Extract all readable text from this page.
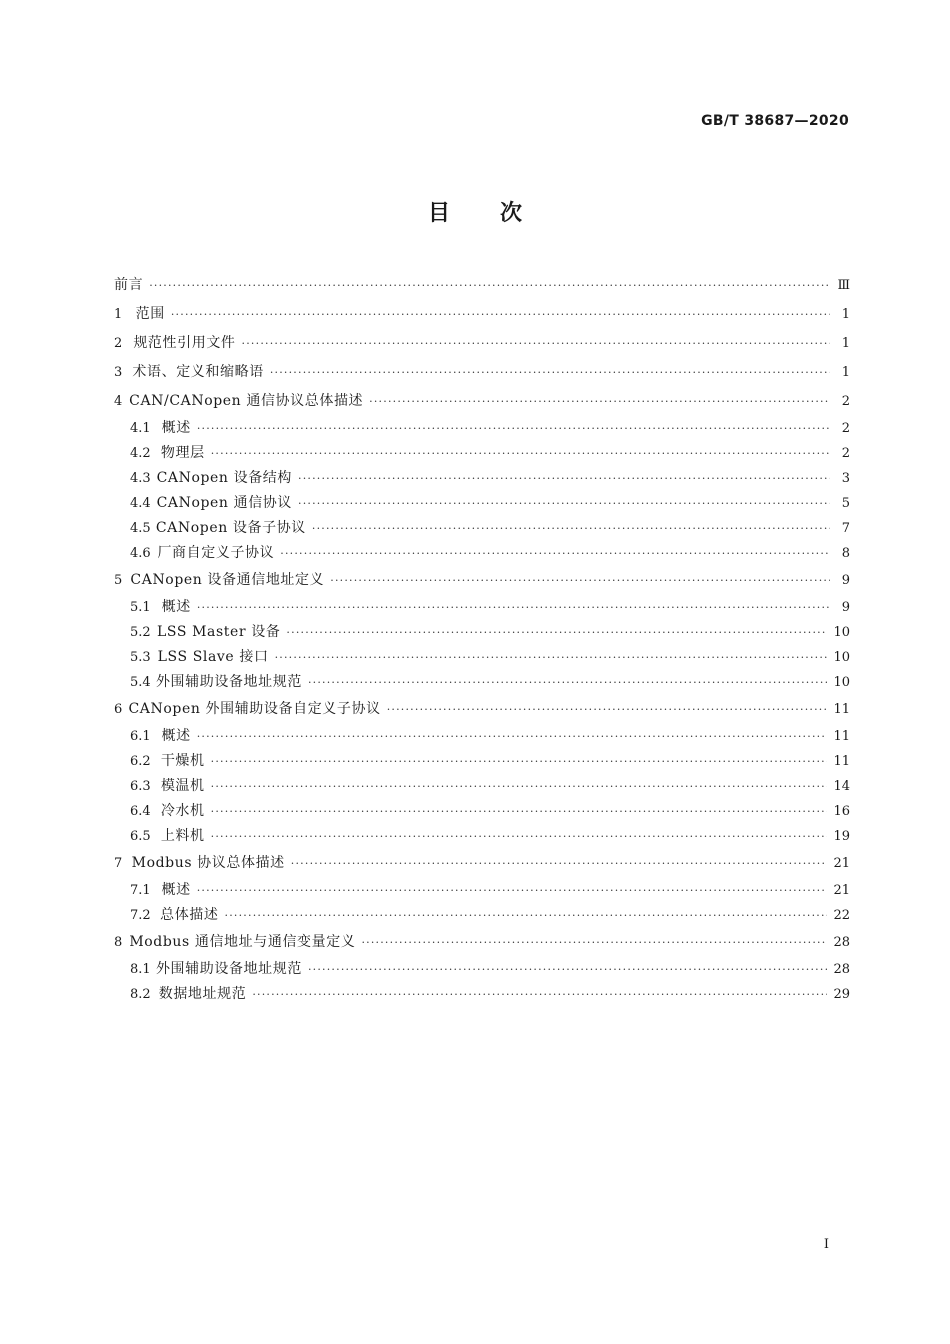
GB/T 38687—2020
目次
前言 ·····	Ⅲ
1 范围 ·····	1
2 规范性引用文件 ·····	1
3 术语、定义和缩略语 ·····	1
4 CAN/CANopen 通信协议总体描述 ·····	2
4.1 概述 ·····	2
4.2 物理层 ·····	2
4.3 CANopen 设备结构 ·····	3
4.4 CANopen 通信协议 ·····	5
4.5 CANopen 设备子协议 ·····	7
4.6 厂商自定义子协议 ·····	8
5 CANopen 设备通信地址定义 ·····	9
5.1 概述 ·····	9
5.2 LSS Master 设备 ·····	10
5.3 LSS Slave 接口 ·····	10
5.4 外围辅助设备地址规范 ·····	10
6 CANopen 外围辅助设备自定义子协议 ·····	11
6.1 概述 ·····	11
6.2 干燥机 ·····	11
6.3 模温机 ·····	14
6.4 冷水机 ·····	16
6.5 上料机 ·····	19
7 Modbus 协议总体描述 ·····	21
7.1 概述 ·····	21
7.2 总体描述 ·····	22
8 Modbus 通信地址与通信变量定义 ·····	28
8.1 外围辅助设备地址规范 ·····	28
8.2 数据地址规范 ·····	29
I
